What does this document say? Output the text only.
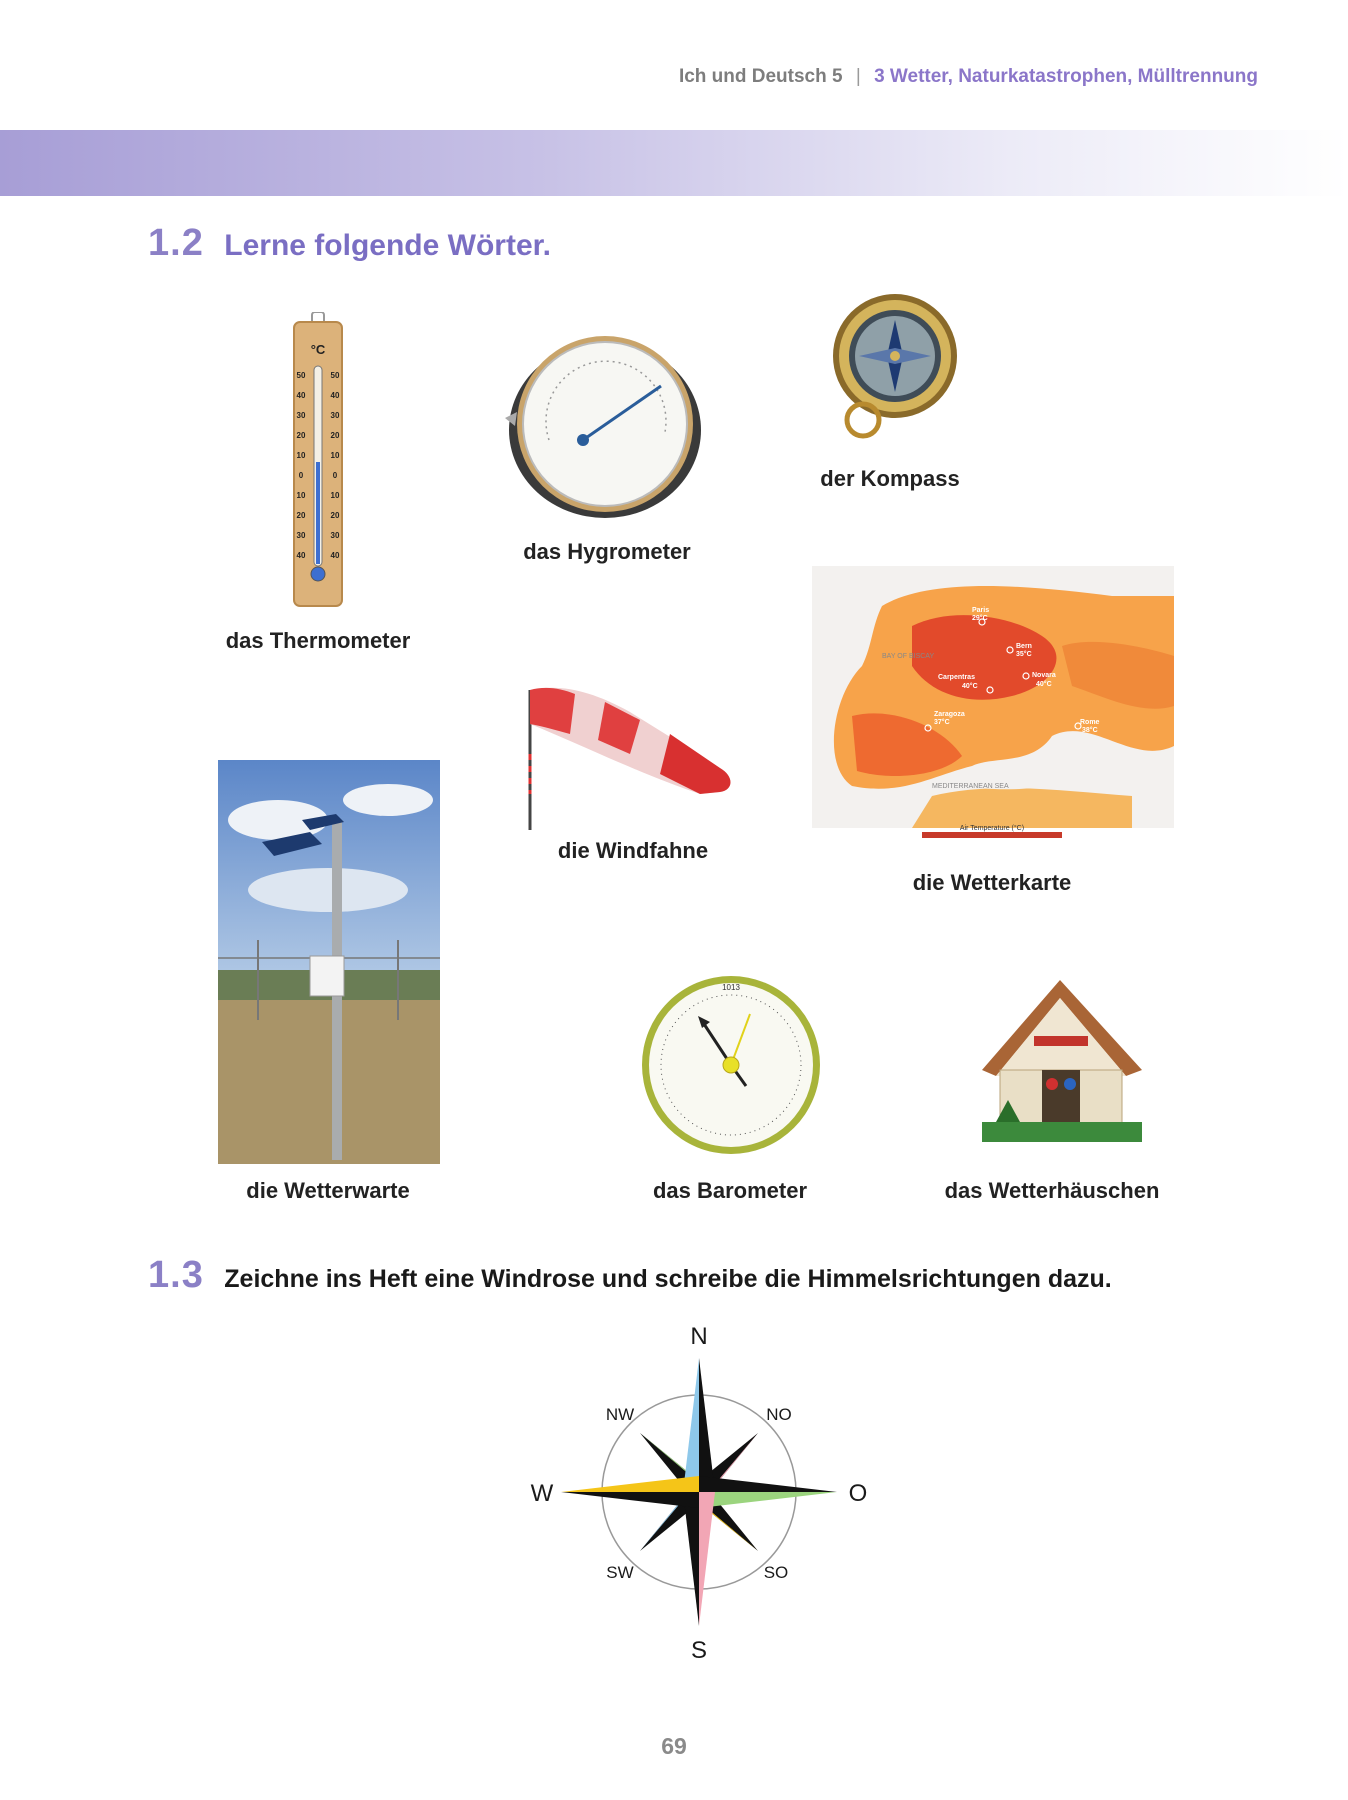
Ich und Deutsch 5 | 3 Wetter, Naturkatastrophen, Mülltrennung
1.2 Lerne folgende Wörter.
°C
50	50
40	40
30	30
20	20
10	10
0	0
10	10
20	20
30	30
40	40
das Thermometer
das Hygrometer
der Kompass
BAY OF BISCAY
MEDITERRANEAN SEA
Air Temperature (°C)
Paris
29°C
Bern
35°C
Carpentras
40°C
Novara
40°C
Zaragoza
37°C	Rome
38°C
die Wetterkarte
die Windfahne
die Wetterwarte
1013
das Barometer	das Wetterhäuschen
1.3 Zeichne ins Heft eine Windrose und schreibe die Himmelsrichtungen dazu.
N
S
W	O
NW	NO
SW	SO
69
